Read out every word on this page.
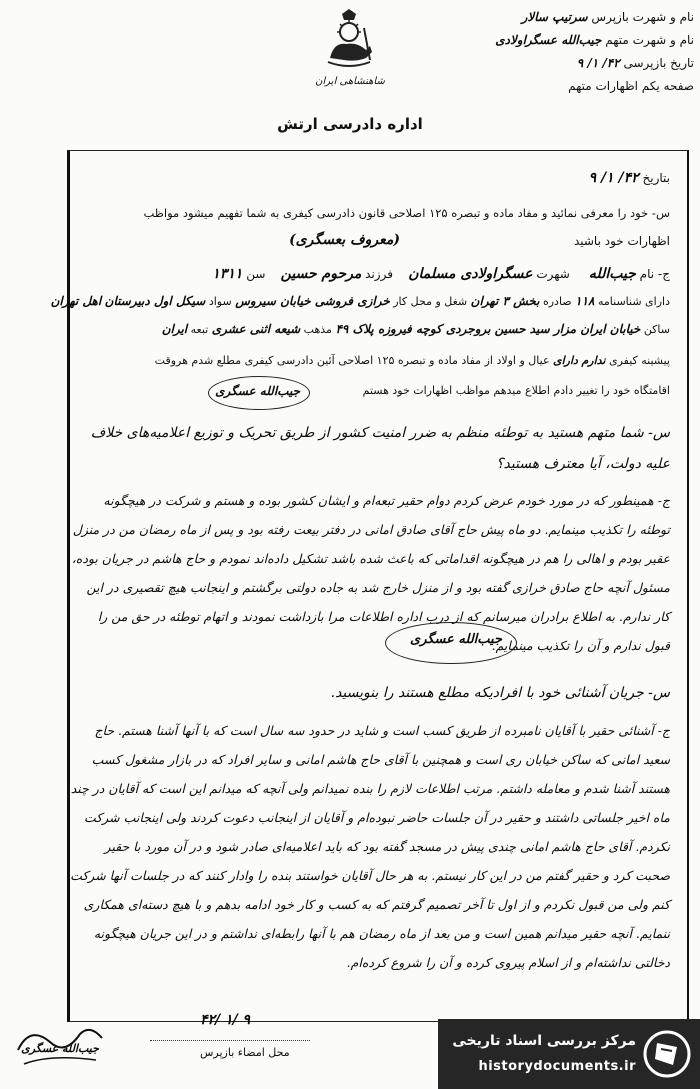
نام و شهرت بازپرس سرتیپ سالار
نام و شهرت متهم جیب‌الله عسگراولادی
تاریخ بازپرسی ۴۲/ ۱/ ۹
صفحه یکم اظهارات متهم
شاهنشاهی ایران
اداره دادرسی ارتش
بتاریخ ۴۲/ ۱/ ۹
س- خود را معرفی نمائید و مفاد ماده و تبصره ۱۲۵ اصلاحی قانون دادرسی کیفری به شما تفهیم میشود مواظب
اظهارات خود باشید
(معروف بعسگری)
ج- نام جیب‌الله     شهرت عسگراولادی مسلمان    فرزند مرحوم حسین    سن ۱۳۱۱
دارای شناسنامه ۱۱۸ صادره بخش ۳ تهران شغل و محل کار خرازی فروشی خیابان سیروس سواد سیکل اول دبیرستان اهل تهران
ساکن خیابان ایران مزار سید حسین بروجردی کوچه فیروزه پلاک ۴۹ مذهب شیعه اثنی عشری تبعه ایران
پیشینه کیفری ندارم دارای عیال و اولاد از مفاد ماده و تبصره ۱۲۵ اصلاحی آئین دادرسی کیفری مطلع شدم هروقت
اقامتگاه خود را تغییر دادم اطلاع میدهم مواظب اظهارات خود هستم
جیب‌الله عسگری
س- شما متهم هستید به توطئه منظم به ضرر امنیت کشور از طریق تحریک و توزیع اعلامیه‌های خلاف علیه دولت، آیا معترف هستید؟
ج- همینطور که در مورد خودم عرض کردم دوام حقیر تبعه‌ام و ایشان کشور بوده و هستم و شرکت در هیچگونه توطئه را تکذیب مینمایم. دو ماه پیش حاج آقای صادق امانی در دفتر بیعت رفته بود و پس از ماه رمضان من در منزل عقیر بودم و اهالی را هم در هیچگونه اقداماتی که باعث شده باشد تشکیل داده‌اند نمودم و حاج هاشم در جریان بوده، مسئول آنچه حاج صادق خرازی گفته بود و از منزل خارج شد به جاده دولتی برگشتم و اینجانب هیچ تقصیری در این کار ندارم. به اطلاع برادران میرسانم که از درب اداره اطلاعات مرا بازداشت نمودند و اتهام توطئه در حق من را قبول ندارم و آن را تکذیب مینمایم.
جیب‌الله عسگری
س- جریان آشنائی خود با افرادیکه مطلع هستند را بنویسید.
ج- آشنائی حقیر با آقایان نامبرده از طریق کسب است و شاید در حدود سه سال است که با آنها آشنا هستم. حاج سعید امانی که ساکن خیابان ری است و همچنین با آقای حاج هاشم امانی و سایر افراد که در بازار مشغول کسب هستند آشنا شدم و معامله داشتم. مرتب اطلاعات لازم را بنده نمیدانم ولی آنچه که میدانم این است که آقایان در چند ماه اخیر جلساتی داشتند و حقیر در آن جلسات حاضر نبوده‌ام و آقایان از اینجانب دعوت کردند ولی اینجانب شرکت نکردم. آقای حاج هاشم امانی چندی پیش در مسجد گفته بود که باید اعلامیه‌ای صادر شود و در آن مورد با حقیر صحبت کرد و حقیر گفتم من در این کار نیستم. به هر حال آقایان خواستند بنده را وادار کنند که در جلسات آنها شرکت کنم ولی من قبول نکردم و از اول تا آخر تصمیم گرفتم که به کسب و کار خود ادامه بدهم و با هیچ دسته‌ای همکاری ننمایم. آنچه حقیر میدانم همین است و من بعد از ماه رمضان هم با آنها رابطه‌ای نداشتم و در این جریان هیچگونه دخالتی نداشته‌ام و از اسلام پیروی کرده و آن را شروع کرده‌ام.
جیب‌الله عسگری
۴۲/ ۱/ ۹
محل امضاء بازپرس
مرکز بررسی اسناد تاریخی
historydocuments.ir
